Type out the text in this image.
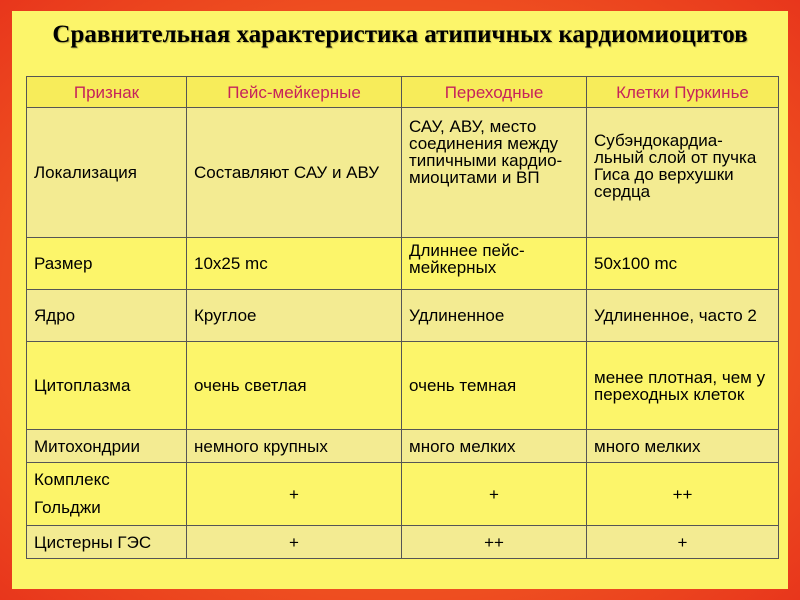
Сравнительная характеристика атипичных кардиомиоцитов
Признак	Пейс-мейкерные	Переходные	Клетки Пуркинье
Локализация	Составляют САУ и АВУ	САУ, АВУ, место соединения между типичными кардио-миоцитами и ВП	Субэндокардиа-льный слой от пучка Гиса до верхушки сердца
Размер	10х25 mc	Длиннее пейс-мейкерных	50х100 mc
Ядро	Круглое	Удлиненное	Удлиненное, часто 2
Цитоплазма	очень светлая	очень темная	менее плотная, чем у переходных клеток
Митохондрии	немного крупных	много мелких	много мелких
Комплекс Гольджи	+	+	++
Цистерны ГЭС	+	++	+
